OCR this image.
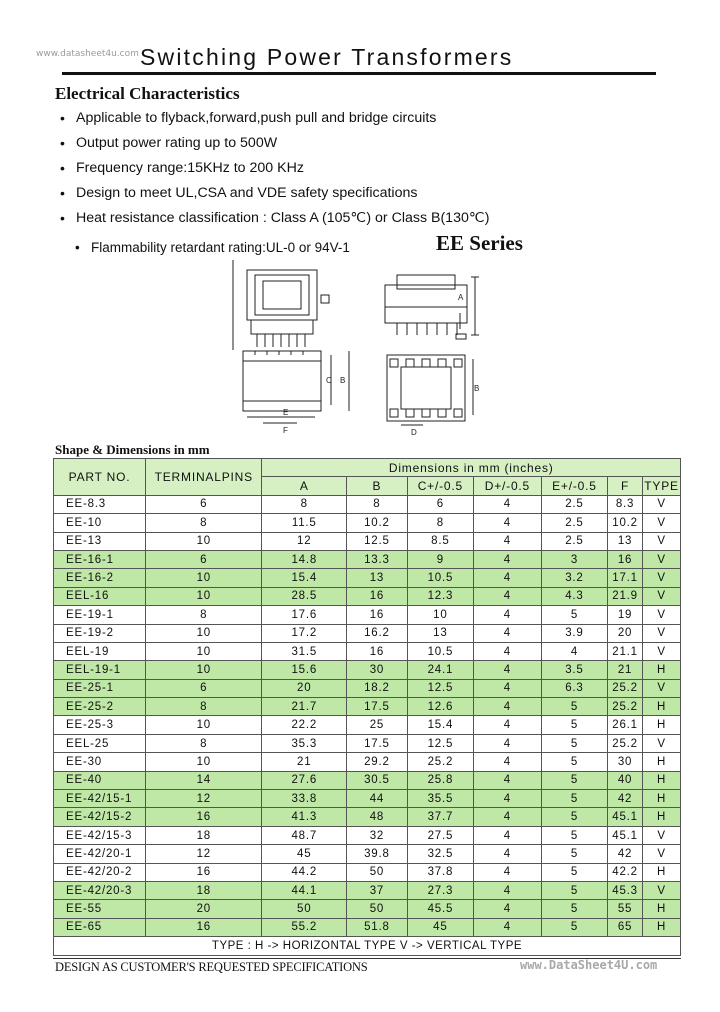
www.datasheet4u.com Switching Power Transformers
Electrical Characteristics
• Applicable to flyback,forward,push pull and bridge circuits
• Output power rating up to 500W
• Frequency range:15KHz to 200 KHz
• Design to meet UL,CSA and VDE safety specifications
• Heat resistance classification : Class A (105℃) or Class B(130℃)
• Flammability retardant rating:UL-0 or 94V-1	EE Series
A
C B
E
F
B
D
Shape & Dimensions in mm
PART NO.	TERMINALPINS	Dimensions in mm (inches)						
		A	B	C+/-0.5	D+/-0.5	E+/-0.5	F	TYPE
EE-8.3	6	8	8	6	4	2.5	8.3	V
EE-10	8	11.5	10.2	8	4	2.5	10.2	V
EE-13	10	12	12.5	8.5	4	2.5	13	V
EE-16-1	6	14.8	13.3	9	4	3	16	V
EE-16-2	10	15.4	13	10.5	4	3.2	17.1	V
EEL-16	10	28.5	16	12.3	4	4.3	21.9	V
EE-19-1	8	17.6	16	10	4	5	19	V
EE-19-2	10	17.2	16.2	13	4	3.9	20	V
EEL-19	10	31.5	16	10.5	4	4	21.1	V
EEL-19-1	10	15.6	30	24.1	4	3.5	21	H
EE-25-1	6	20	18.2	12.5	4	6.3	25.2	V
EE-25-2	8	21.7	17.5	12.6	4	5	25.2	H
EE-25-3	10	22.2	25	15.4	4	5	26.1	H
EEL-25	8	35.3	17.5	12.5	4	5	25.2	V
EE-30	10	21	29.2	25.2	4	5	30	H
EE-40	14	27.6	30.5	25.8	4	5	40	H
EE-42/15-1	12	33.8	44	35.5	4	5	42	H
EE-42/15-2	16	41.3	48	37.7	4	5	45.1	H
EE-42/15-3	18	48.7	32	27.5	4	5	45.1	V
EE-42/20-1	12	45	39.8	32.5	4	5	42	V
EE-42/20-2	16	44.2	50	37.8	4	5	42.2	H
EE-42/20-3	18	44.1	37	27.3	4	5	45.3	V
EE-55	20	50	50	45.5	4	5	55	H
EE-65	16	55.2	51.8	45	4	5	65	H
TYPE : H -> HORIZONTAL TYPE V -> VERTICAL TYPE								
DESIGN AS CUSTOMER'S REQUESTED SPECIFICATIONS	www.DataSheet4U.com
